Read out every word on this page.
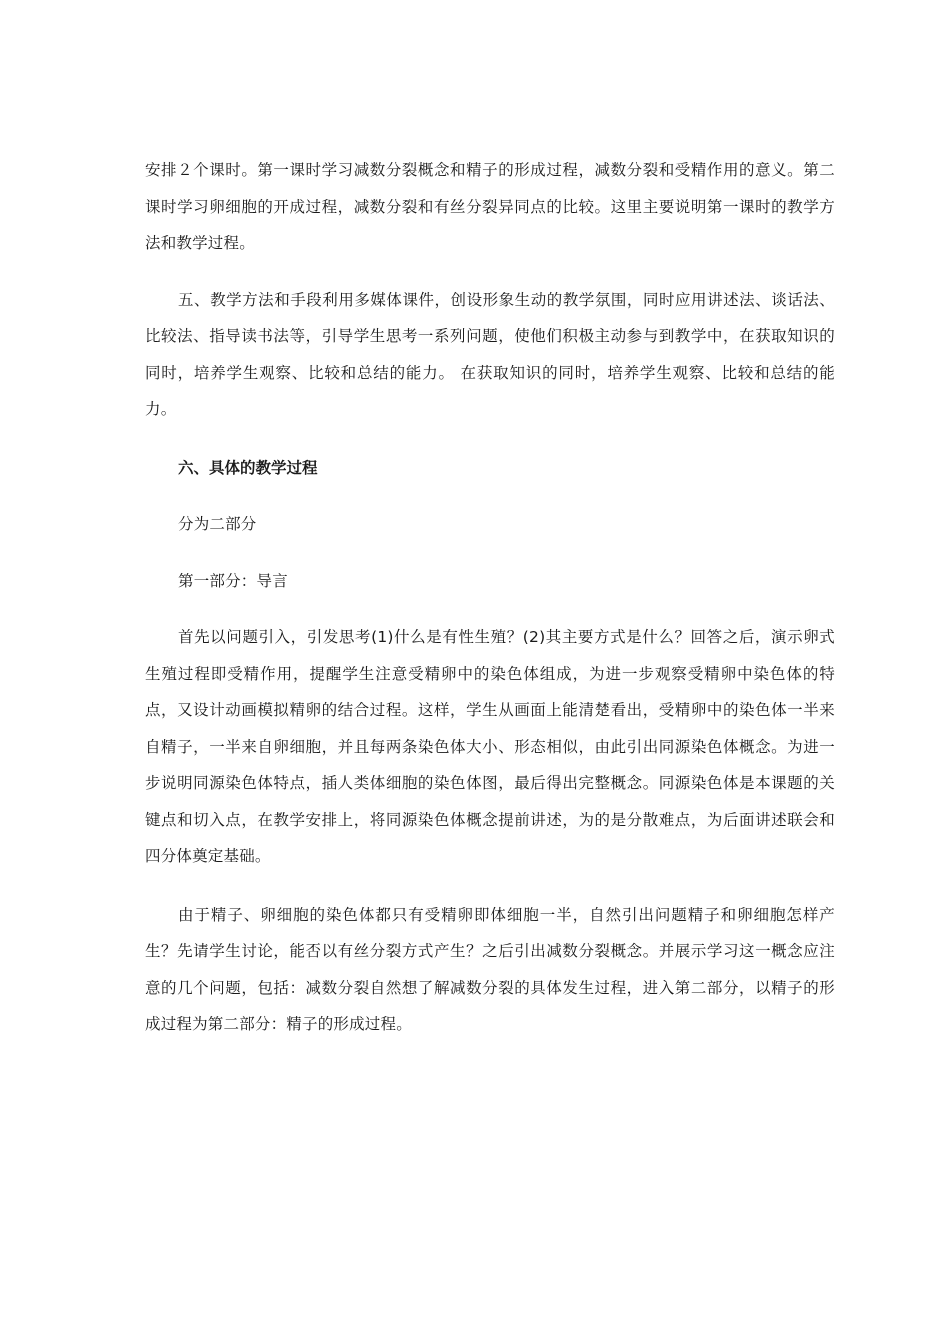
安排２个课时。第一课时学习减数分裂概念和精子的形成过程，减数分裂和受精作用的意义。第二课时学习卵细胞的开成过程，减数分裂和有丝分裂异同点的比较。这里主要说明第一课时的教学方法和教学过程。

五、教学方法和手段利用多媒体课件，创设形象生动的教学氛围，同时应用讲述法、谈话法、比较法、指导读书法等，引导学生思考一系列问题，使他们积极主动参与到教学中，在获取知识的同时，培养学生观察、比较和总结的能力。 在获取知识的同时，培养学生观察、比较和总结的能力。

六、具体的教学过程

分为二部分

第一部分：导言

首先以问题引入，引发思考(1)什么是有性生殖？(2)其主要方式是什么？回答之后，演示卵式生殖过程即受精作用，提醒学生注意受精卵中的染色体组成，为进一步观察受精卵中染色体的特点，又设计动画模拟精卵的结合过程。这样，学生从画面上能清楚看出，受精卵中的染色体一半来自精子，一半来自卵细胞，并且每两条染色体大小、形态相似，由此引出同源染色体概念。为进一步说明同源染色体特点，插人类体细胞的染色体图，最后得出完整概念。同源染色体是本课题的关键点和切入点，在教学安排上，将同源染色体概念提前讲述，为的是分散难点，为后面讲述联会和四分体奠定基础。

由于精子、卵细胞的染色体都只有受精卵即体细胞一半，自然引出问题精子和卵细胞怎样产生？先请学生讨论，能否以有丝分裂方式产生？之后引出减数分裂概念。并展示学习这一概念应注意的几个问题，包括：减数分裂自然想了解减数分裂的具体发生过程，进入第二部分，以精子的形成过程为第二部分：精子的形成过程。
